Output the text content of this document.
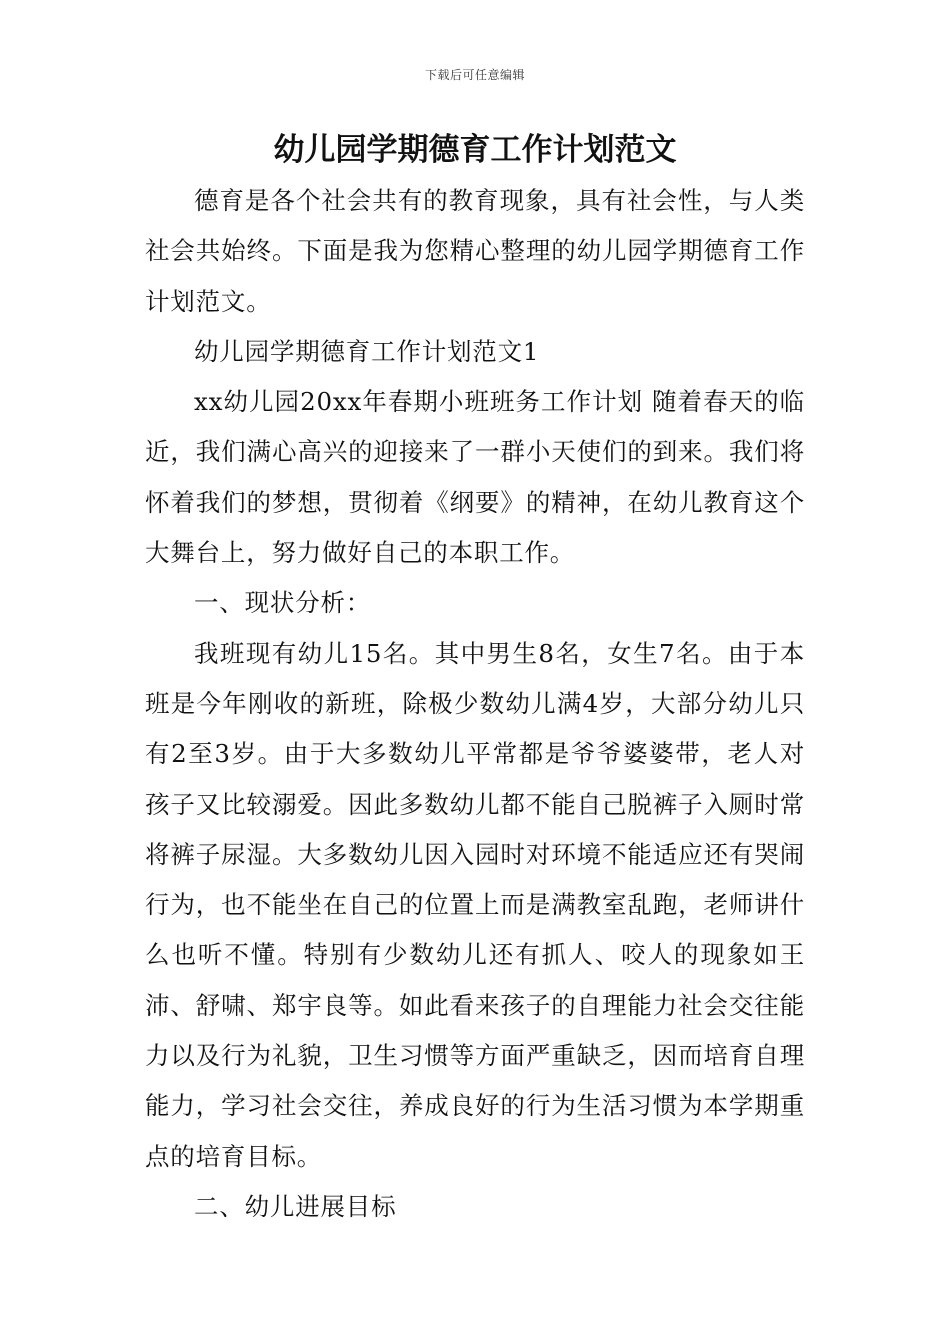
下载后可任意编辑
幼儿园学期德育工作计划范文

德育是各个社会共有的教育现象，具有社会性，与人类社会共始终。下面是我为您精心整理的幼儿园学期德育工作计划范文。

幼儿园学期德育工作计划范文1

xx幼儿园20xx年春期小班班务工作计划 随着春天的临近，我们满心高兴的迎接来了一群小天使们的到来。我们将怀着我们的梦想，贯彻着《纲要》的精神，在幼儿教育这个大舞台上，努力做好自己的本职工作。

一、现状分析：

我班现有幼儿15名。其中男生8名，女生7名。由于本班是今年刚收的新班，除极少数幼儿满4岁，大部分幼儿只有2至3岁。由于大多数幼儿平常都是爷爷婆婆带，老人对孩子又比较溺爱。因此多数幼儿都不能自己脱裤子入厕时常将裤子尿湿。大多数幼儿因入园时对环境不能适应还有哭闹行为，也不能坐在自己的位置上而是满教室乱跑，老师讲什么也听不懂。特别有少数幼儿还有抓人、咬人的现象如王沛、舒啸、郑宇良等。如此看来孩子的自理能力社会交往能力以及行为礼貌，卫生习惯等方面严重缺乏，因而培育自理能力，学习社会交往，养成良好的行为生活习惯为本学期重点的培育目标。

二、幼儿进展目标
